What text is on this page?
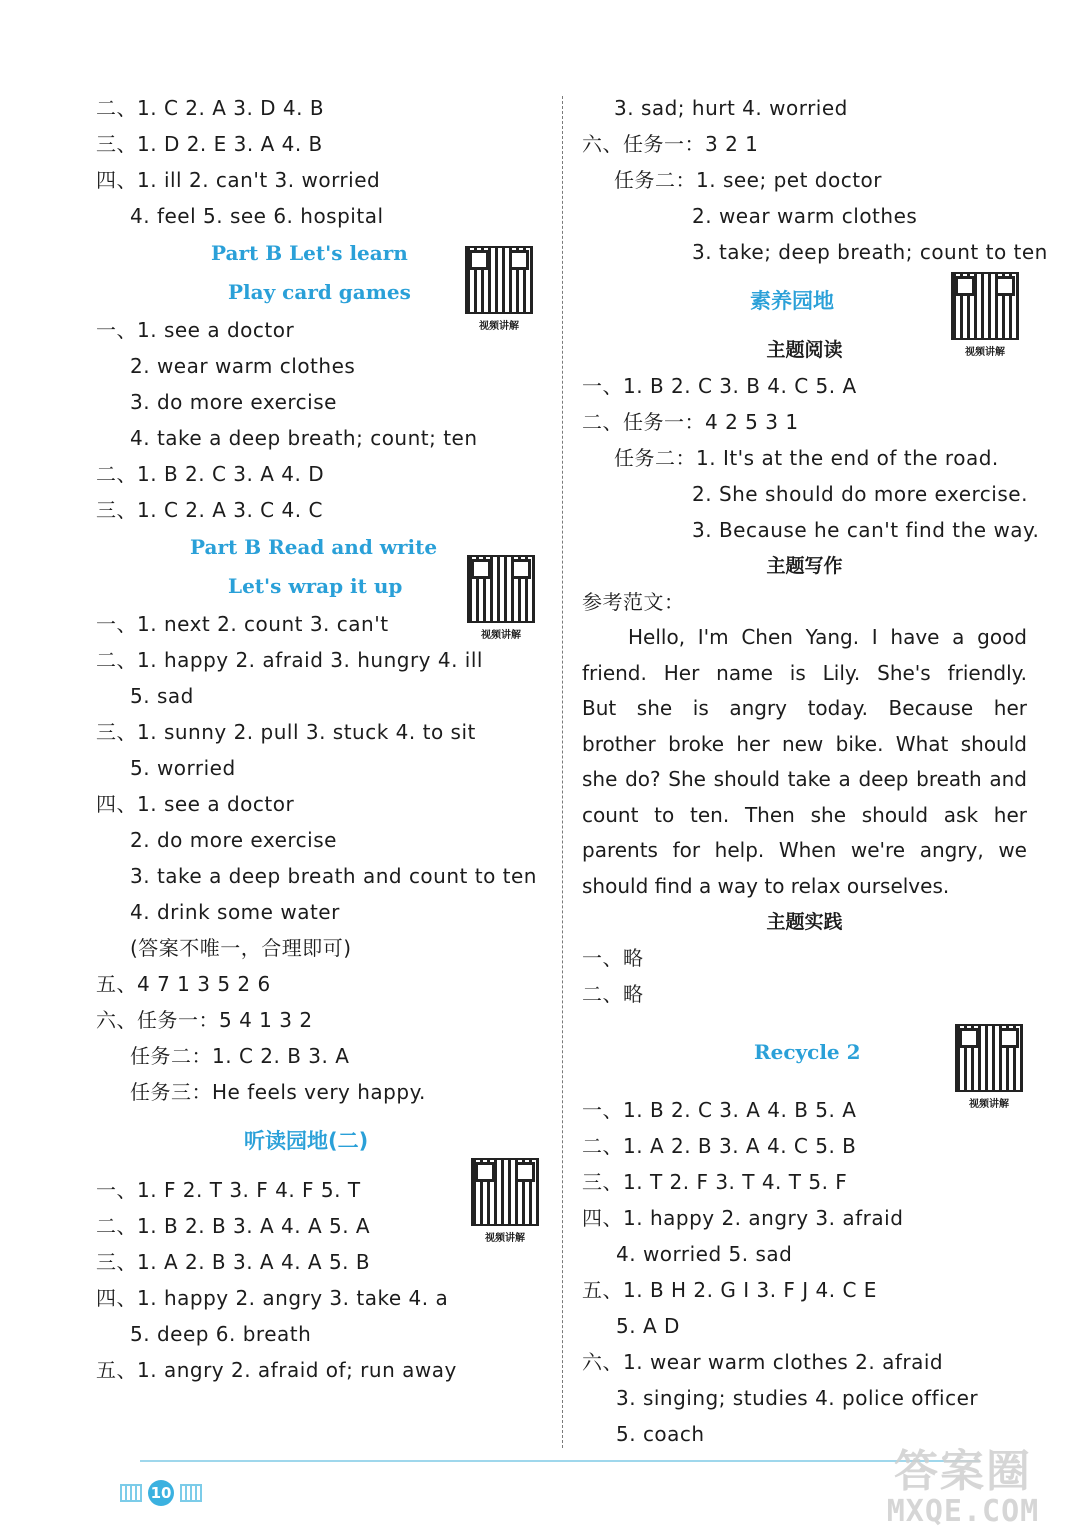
二、1. C 2. A 3. D 4. B
三、1. D 2. E 3. A 4. B
四、1. ill 2. can't 3. worried
4. feel 5. see 6. hospital
Part B Let's learn
Play card games
一、1. see a doctor
2. wear warm clothes
3. do more exercise
4. take a deep breath; count; ten
二、1. B 2. C 3. A 4. D
三、1. C 2. A 3. C 4. C
Part B Read and write
Let's wrap it up
一、1. next 2. count 3. can't
二、1. happy 2. afraid 3. hungry 4. ill
5. sad
三、1. sunny 2. pull 3. stuck 4. to sit
5. worried
四、1. see a doctor
2. do more exercise
3. take a deep breath and count to ten
4. drink some water
(答案不唯一，合理即可)
五、4 7 1 3 5 2 6
六、任务一：5 4 1 3 2
任务二：1. C 2. B 3. A
任务三：He feels very happy.
听读园地(二)
一、1. F 2. T 3. F 4. F 5. T
二、1. B 2. B 3. A 4. A 5. A
三、1. A 2. B 3. A 4. A 5. B
四、1. happy 2. angry 3. take 4. a
5. deep 6. breath
五、1. angry 2. afraid of; run away
3. sad; hurt 4. worried
六、任务一：3 2 1
任务二：1. see; pet doctor
2. wear warm clothes
3. take; deep breath; count to ten
素养园地
主题阅读
一、1. B 2. C 3. B 4. C 5. A
二、任务一：4 2 5 3 1
任务二：1. It's at the end of the road.
2. She should do more exercise.
3. Because he can't find the way.
主题写作
参考范文：
Hello, I'm Chen Yang. I have a good
friend. Her name is Lily. She's friendly.
But she is angry today. Because her
brother broke her new bike. What should
she do? She should take a deep breath and
count to ten. Then she should ask her
parents for help. When we're angry, we
should find a way to relax ourselves.
主题实践
一、略
二、略
Recycle 2
一、1. B 2. C 3. A 4. B 5. A
二、1. A 2. B 3. A 4. C 5. B
三、1. T 2. F 3. T 4. T 5. F
四、1. happy 2. angry 3. afraid
4. worried 5. sad
五、1. B H 2. G I 3. F J 4. C E
5. A D
六、1. wear warm clothes 2. afraid
3. singing; studies 4. police officer
5. coach
视频讲解
视频讲解
视频讲解
视频讲解
视频讲解
10	答案圈
MXQE.COM
